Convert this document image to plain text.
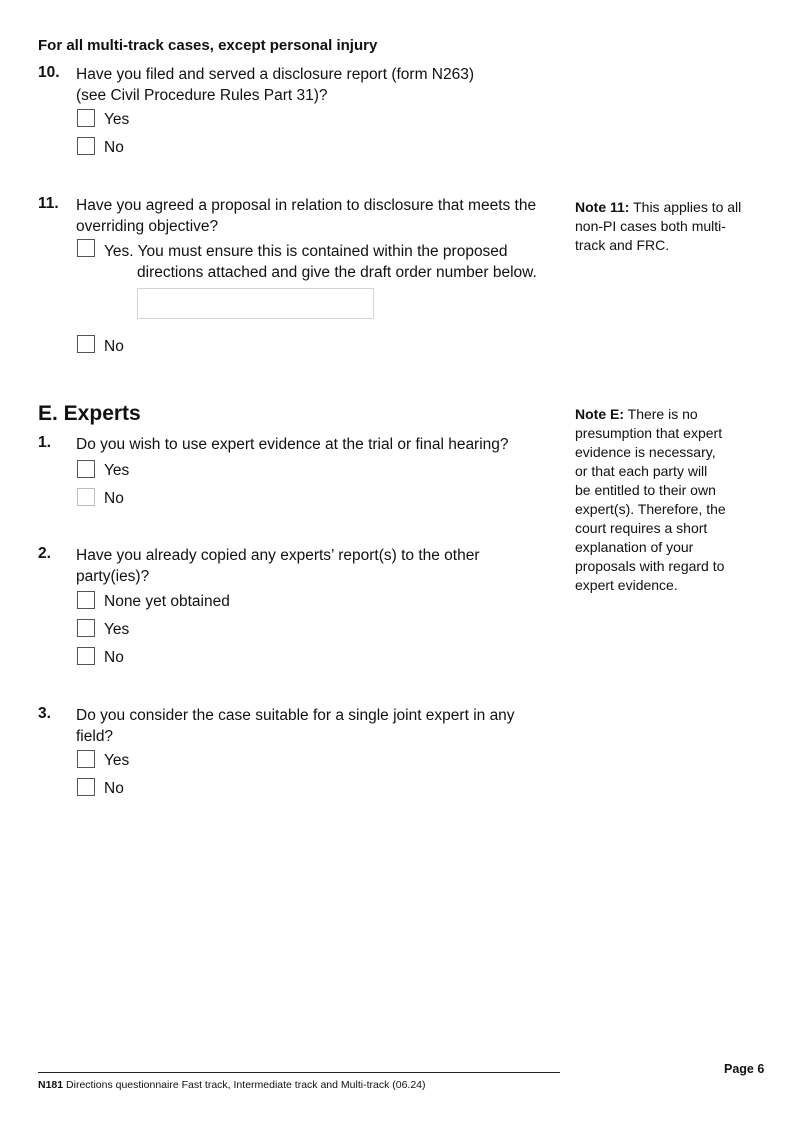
For all multi-track cases, except personal injury
10. Have you filed and served a disclosure report (form N263)
(see Civil Procedure Rules Part 31)?
Yes
No
11. Have you agreed a proposal in relation to disclosure that meets the
overriding objective?
Yes. You must ensure this is contained within the proposed
directions attached and give the draft order number below.
No
Note 11: This applies to all
non-PI cases both multi-
track and FRC.
E. Experts	Note E: There is no
presumption that expert
evidence is necessary,
or that each party will
be entitled to their own
expert(s). Therefore, the
court requires a short
explanation of your
proposals with regard to
expert evidence.
1. Do you wish to use expert evidence at the trial or final hearing?
Yes
No
2. Have you already copied any experts’ report(s) to the other
party(ies)?
None yet obtained
Yes
No
3. Do you consider the case suitable for a single joint expert in any
field?
Yes
No
Page 6
N181 Directions questionnaire Fast track, Intermediate track and Multi-track (06.24)
